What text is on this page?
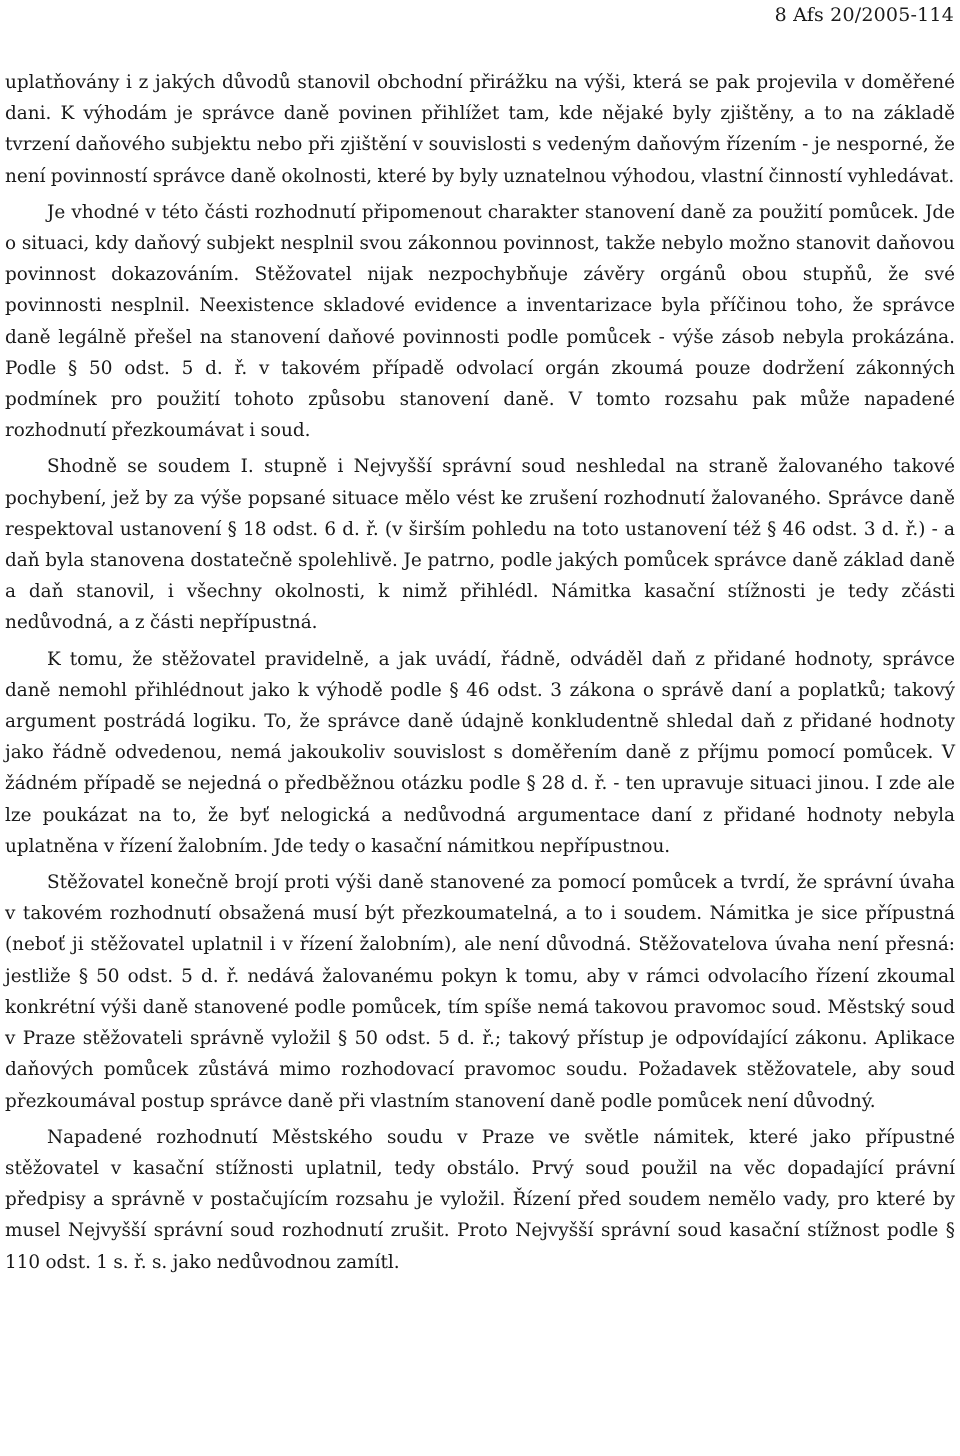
8 Afs 20/2005-114

uplatňovány i z jakých důvodů stanovil obchodní přirážku na výši, která se pak projevila v doměřené dani. K výhodám je správce daně povinen přihlížet tam, kde nějaké byly zjištěny, a to na základě tvrzení daňového subjektu nebo při zjištění v souvislosti s vedeným daňovým řízením - je nesporné, že není povinností správce daně okolnosti, které by byly uznatelnou výhodou, vlastní činností vyhledávat.

Je vhodné v této části rozhodnutí připomenout charakter stanovení daně za použití pomůcek. Jde o situaci, kdy daňový subjekt nesplnil svou zákonnou povinnost, takže nebylo možno stanovit daňovou povinnost dokazováním. Stěžovatel nijak nezpochybňuje závěry orgánů obou stupňů, že své povinnosti nesplnil. Neexistence skladové evidence a inventarizace byla příčinou toho, že správce daně legálně přešel na stanovení daňové povinnosti podle pomůcek - výše zásob nebyla prokázána. Podle § 50 odst. 5 d. ř. v takovém případě odvolací orgán zkoumá pouze dodržení zákonných podmínek pro použití tohoto způsobu stanovení daně. V tomto rozsahu pak může napadené rozhodnutí přezkoumávat i soud.

Shodně se soudem I. stupně i Nejvyšší správní soud neshledal na straně žalovaného takové pochybení, jež by za výše popsané situace mělo vést ke zrušení rozhodnutí žalovaného. Správce daně respektoval ustanovení § 18 odst. 6 d. ř. (v širším pohledu na toto ustanovení též § 46 odst. 3 d. ř.) - a daň byla stanovena dostatečně spolehlivě. Je patrno, podle jakých pomůcek správce daně základ daně a daň stanovil, i všechny okolnosti, k nimž přihlédl. Námitka kasační stížnosti je tedy zčásti nedůvodná, a z části nepřípustná.

K tomu, že stěžovatel pravidelně, a jak uvádí, řádně, odváděl daň z přidané hodnoty, správce daně nemohl přihlédnout jako k výhodě podle § 46 odst. 3 zákona o správě daní a poplatků; takový argument postrádá logiku. To, že správce daně údajně konkludentně shledal daň z přidané hodnoty jako řádně odvedenou, nemá jakoukoliv souvislost s doměřením daně z příjmu pomocí pomůcek. V žádném případě se nejedná o předběžnou otázku podle § 28 d. ř. - ten upravuje situaci jinou. I zde ale lze poukázat na to, že byť nelogická a nedůvodná argumentace daní z přidané hodnoty nebyla uplatněna v řízení žalobním. Jde tedy o kasační námitkou nepřípustnou.

Stěžovatel konečně brojí proti výši daně stanovené za pomocí pomůcek a tvrdí, že správní úvaha v takovém rozhodnutí obsažená musí být přezkoumatelná, a to i soudem. Námitka je sice přípustná (neboť ji stěžovatel uplatnil i v řízení žalobním), ale není důvodná. Stěžovatelova úvaha není přesná: jestliže § 50 odst. 5 d. ř. nedává žalovanému pokyn k tomu, aby v rámci odvolacího řízení zkoumal konkrétní výši daně stanovené podle pomůcek, tím spíše nemá takovou pravomoc soud. Městský soud v Praze stěžovateli správně vyložil § 50 odst. 5 d. ř.; takový přístup je odpovídající zákonu. Aplikace daňových pomůcek zůstává mimo rozhodovací pravomoc soudu. Požadavek stěžovatele, aby soud přezkoumával postup správce daně při vlastním stanovení daně podle pomůcek není důvodný.

Napadené rozhodnutí Městského soudu v Praze ve světle námitek, které jako přípustné stěžovatel v kasační stížnosti uplatnil, tedy obstálo. Prvý soud použil na věc dopadající právní předpisy a správně v postačujícím rozsahu je vyložil. Řízení před soudem nemělo vady, pro které by musel Nejvyšší správní soud rozhodnutí zrušit. Proto Nejvyšší správní soud kasační stížnost podle § 110 odst. 1 s. ř. s. jako nedůvodnou zamítl.
